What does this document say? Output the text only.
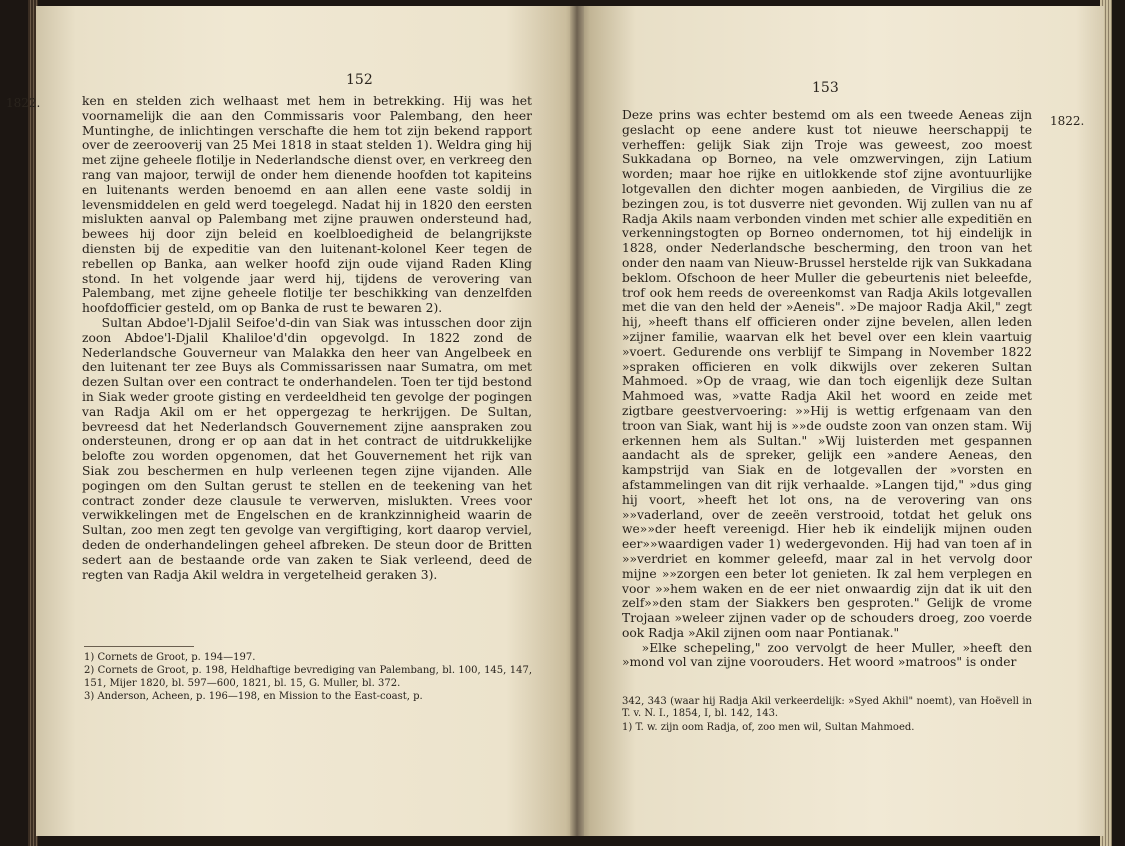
152
1822.	ken en stelden zich welhaast met hem in betrekking. Hij was het voornamelijk die aan den Commissaris voor Palembang, den heer Muntinghe, de inlichtingen verschafte die hem tot zijn bekend rapport over de zeerooverij van 25 Mei 1818 in staat stelden 1). Weldra ging hij met zijne geheele flotilje in Nederlandsche dienst over, en verkreeg den rang van majoor, terwijl de onder hem dienende hoofden tot kapiteins en luitenants werden benoemd en aan allen eene vaste soldij in levensmiddelen en geld werd toegelegd. Nadat hij in 1820 den eersten mislukten aanval op Palembang met zijne prauwen ondersteund had, bewees hij door zijn beleid en koelbloedigheid de belangrijkste diensten bij de expeditie van den luitenant-kolonel Keer tegen de rebellen op Banka, aan welker hoofd zijn oude vijand Raden Kling stond. In het volgende jaar werd hij, tijdens de verovering van Palembang, met zijne geheele flotilje ter beschikking van denzelfden hoofdofficier gesteld, om op Banka de rust te bewaren 2).

Sultan Abdoe'l-Djalil Seifoe'd-din van Siak was intusschen door zijn zoon Abdoe'l-Djalil Khaliloe'd'din opgevolgd. In 1822 zond de Nederlandsche Gouverneur van Malakka den heer van Angelbeek en den luitenant ter zee Buys als Commissarissen naar Sumatra, om met dezen Sultan over een contract te onderhandelen. Toen ter tijd bestond in Siak weder groote gisting en verdeeldheid ten gevolge der pogingen van Radja Akil om er het oppergezag te herkrijgen. De Sultan, bevreesd dat het Nederlandsch Gouvernement zijne aanspraken zou ondersteunen, drong er op aan dat in het contract de uitdrukkelijke belofte zou worden opgenomen, dat het Gouvernement het rijk van Siak zou beschermen en hulp verleenen tegen zijne vijanden. Alle pogingen om den Sultan gerust te stellen en de teekening van het contract zonder deze clausule te verwerven, mislukten. Vrees voor verwikkelingen met de Engelschen en de krankzinnigheid waarin de Sultan, zoo men zegt ten gevolge van vergiftiging, kort daarop verviel, deden de onderhandelingen geheel afbreken. De steun door de Britten sedert aan de bestaande orde van zaken te Siak verleend, deed de regten van Radja Akil weldra in vergetelheid geraken 3).

1) Cornets de Groot, p. 194—197.

2) Cornets de Groot, p. 198, Heldhaftige bevrediging van Palembang, bl. 100, 145, 147, 151, Mijer 1820, bl. 597—600, 1821, bl. 15, G. Muller, bl. 372.

3) Anderson, Acheen, p. 196—198, en Mission to the East-coast, p.

153
1822.

Deze prins was echter bestemd om als een tweede Aeneas zijn geslacht op eene andere kust tot nieuwe heerschappij te verheffen: gelijk Siak zijn Troje was geweest, zoo moest Sukkadana op Borneo, na vele omzwervingen, zijn Latium worden; maar hoe rijke en uitlokkende stof zijne avontuurlijke lotgevallen den dichter mogen aanbieden, de Virgilius die ze bezingen zou, is tot dusverre niet gevonden. Wij zullen van nu af Radja Akils naam verbonden vinden met schier alle expeditiën en verkenningstogten op Borneo ondernomen, tot hij eindelijk in 1828, onder Nederlandsche bescherming, den troon van het onder den naam van Nieuw-Brussel herstelde rijk van Sukkadana beklom. Ofschoon de heer Muller die gebeurtenis niet beleefde, trof ook hem reeds de overeenkomst van Radja Akils lotgevallen met die van den held der »Aeneis". »De majoor Radja Akil," zegt hij, »heeft thans elf officieren onder zijne bevelen, allen leden »zijner familie, waarvan elk het bevel over een klein vaartuig »voert. Gedurende ons verblijf te Simpang in November 1822 »spraken officieren en volk dikwijls over zekeren Sultan Mahmoed. »Op de vraag, wie dan toch eigenlijk deze Sultan Mahmoed was, »vatte Radja Akil het woord en zeide met zigtbare geestvervoering: »»Hij is wettig erfgenaam van den troon van Siak, want hij is »»de oudste zoon van onzen stam. Wij erkennen hem als Sultan." »Wij luisterden met gespannen aandacht als de spreker, gelijk een »andere Aeneas, den kampstrijd van Siak en de lotgevallen der »vorsten en afstammelingen van dit rijk verhaalde. »Langen tijd," »dus ging hij voort, »heeft het lot ons, na de verovering van ons »»vaderland, over de zeeën verstrooid, totdat het geluk ons we»»der heeft vereenigd. Hier heb ik eindelijk mijnen ouden eer»»waardigen vader 1) wedergevonden. Hij had van toen af in »»verdriet en kommer geleefd, maar zal in het vervolg door mijne »»zorgen een beter lot genieten. Ik zal hem verplegen en voor »»hem waken en de eer niet onwaardig zijn dat ik uit den zelf»»den stam der Siakkers ben gesproten." Gelijk de vrome Trojaan »weleer zijnen vader op de schouders droeg, zoo voerde ook Radja »Akil zijnen oom naar Pontianak."

»Elke schepeling," zoo vervolgt de heer Muller, »heeft den »mond vol van zijne voorouders. Het woord »matroos" is onder

342, 343 (waar hij Radja Akil verkeerdelijk: »Syed Akhil" noemt), van Hoëvell in T. v. N. I., 1854, I, bl. 142, 143.

1) T. w. zijn oom Radja, of, zoo men wil, Sultan Mahmoed.
